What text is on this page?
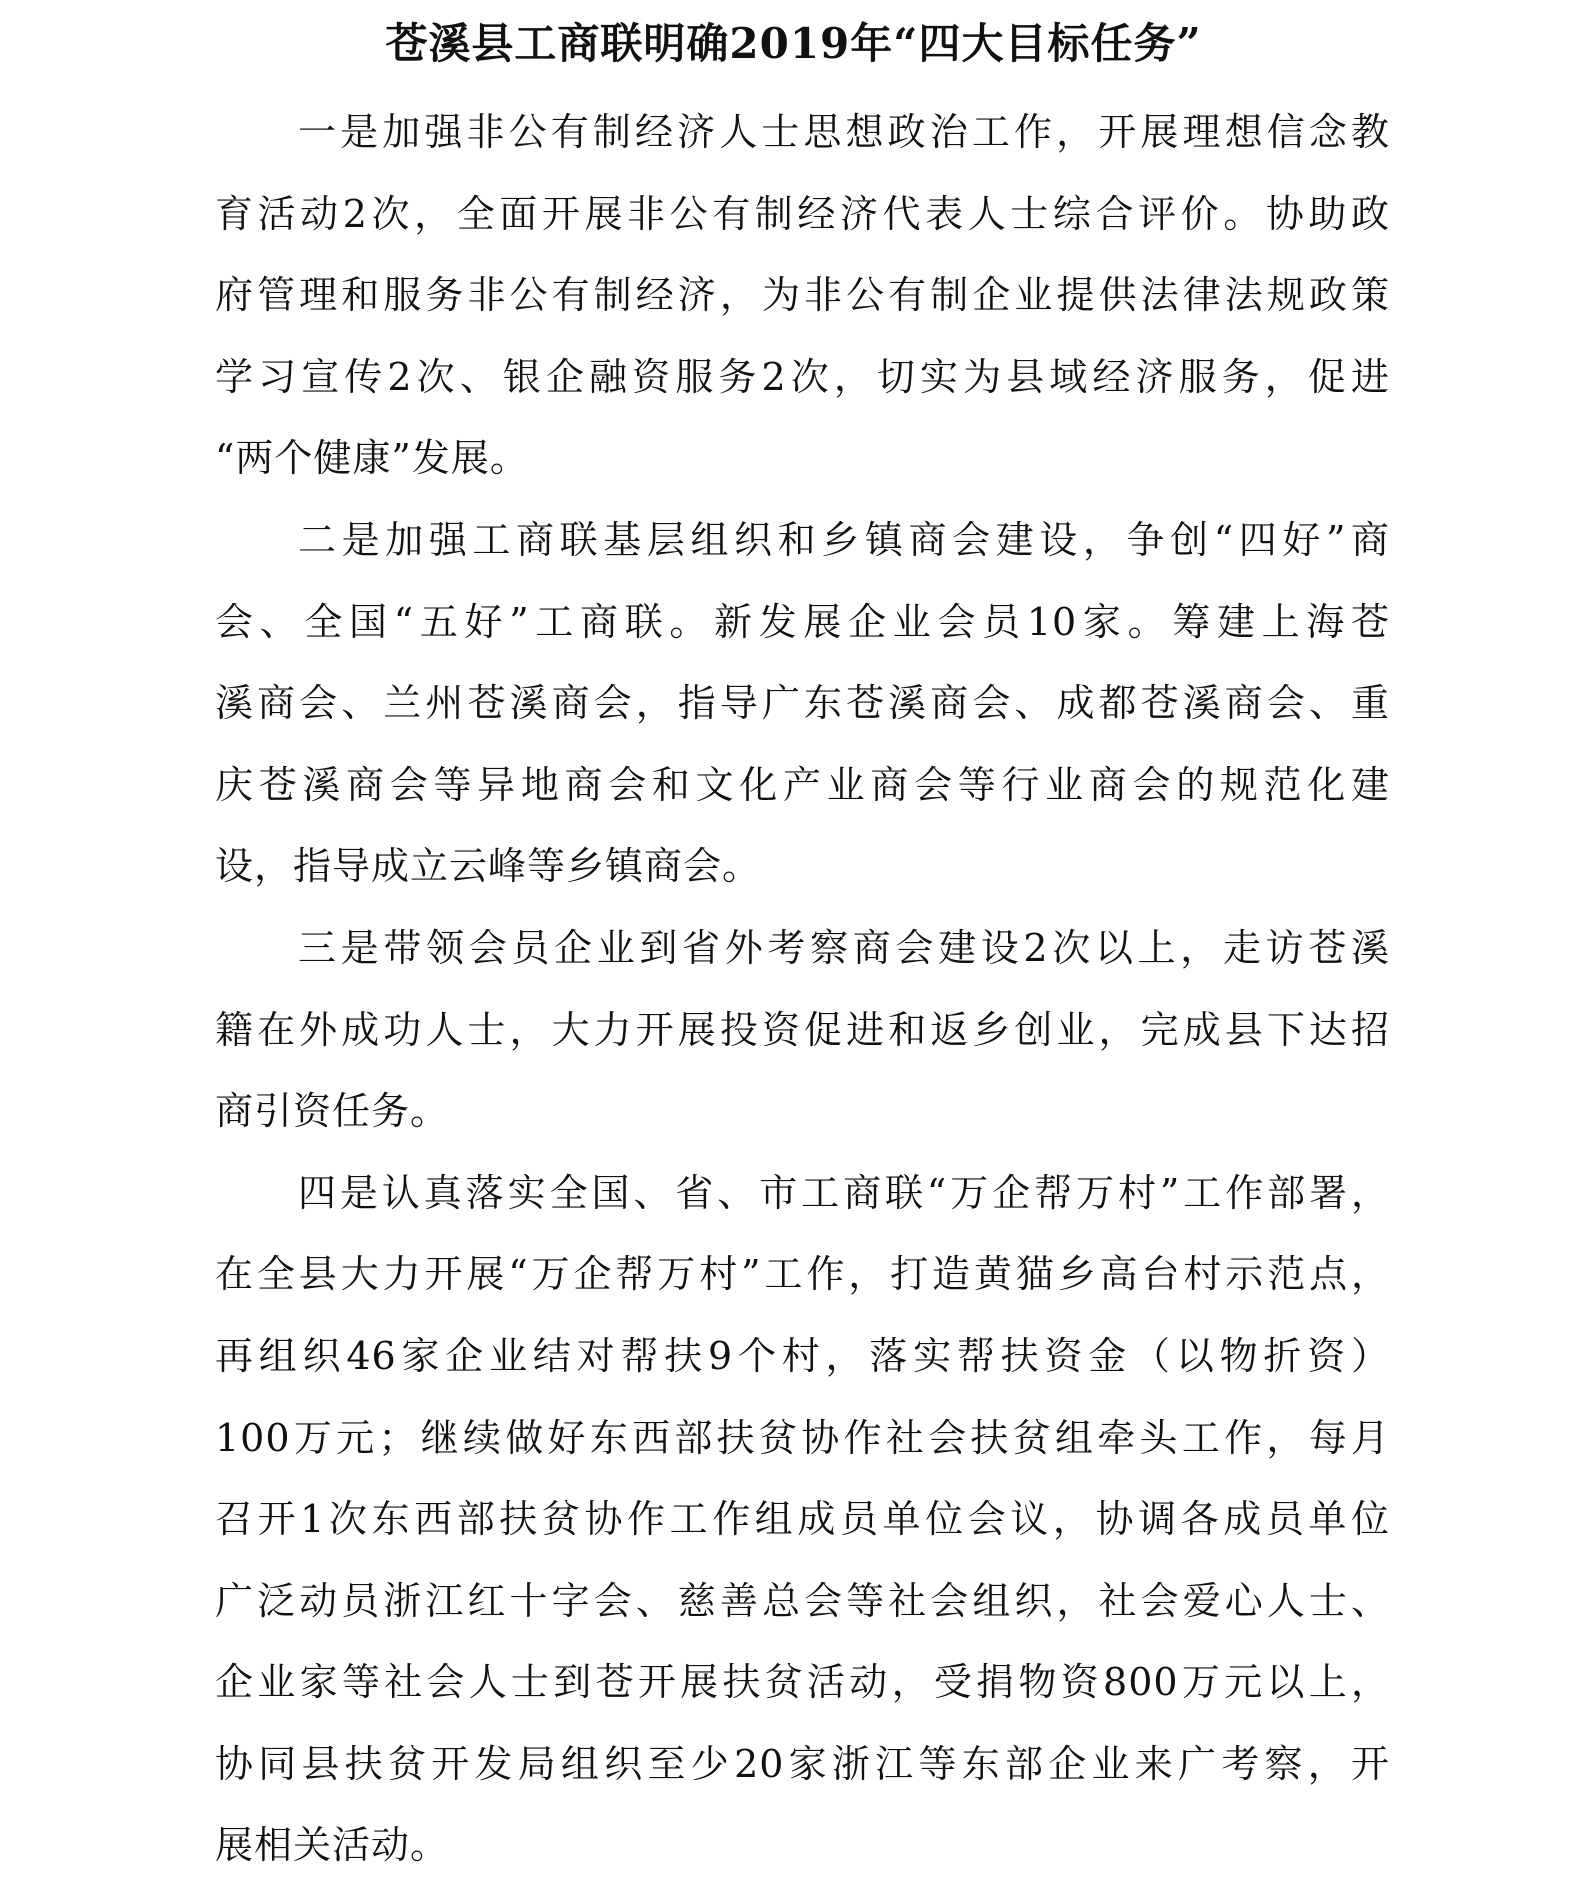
苍溪县工商联明确2019年“四大目标任务”
一是加强非公有制经济人士思想政治工作，开展理想信念教
育活动2次，全面开展非公有制经济代表人士综合评价。协助政
府管理和服务非公有制经济，为非公有制企业提供法律法规政策
学习宣传2次、银企融资服务2次，切实为县域经济服务，促进
“两个健康”发展。
二是加强工商联基层组织和乡镇商会建设，争创“四好”商
会、全国“五好”工商联。新发展企业会员10家。筹建上海苍
溪商会、兰州苍溪商会，指导广东苍溪商会、成都苍溪商会、重
庆苍溪商会等异地商会和文化产业商会等行业商会的规范化建
设，指导成立云峰等乡镇商会。
三是带领会员企业到省外考察商会建设2次以上，走访苍溪
籍在外成功人士，大力开展投资促进和返乡创业，完成县下达招
商引资任务。
四是认真落实全国、省、市工商联“万企帮万村”工作部署，
在全县大力开展“万企帮万村”工作，打造黄猫乡高台村示范点，
再组织46家企业结对帮扶9个村，落实帮扶资金（以物折资）
100万元；继续做好东西部扶贫协作社会扶贫组牵头工作，每月
召开1次东西部扶贫协作工作组成员单位会议，协调各成员单位
广泛动员浙江红十字会、慈善总会等社会组织，社会爱心人士、
企业家等社会人士到苍开展扶贫活动，受捐物资800万元以上，
协同县扶贫开发局组织至少20家浙江等东部企业来广考察，开
展相关活动。
